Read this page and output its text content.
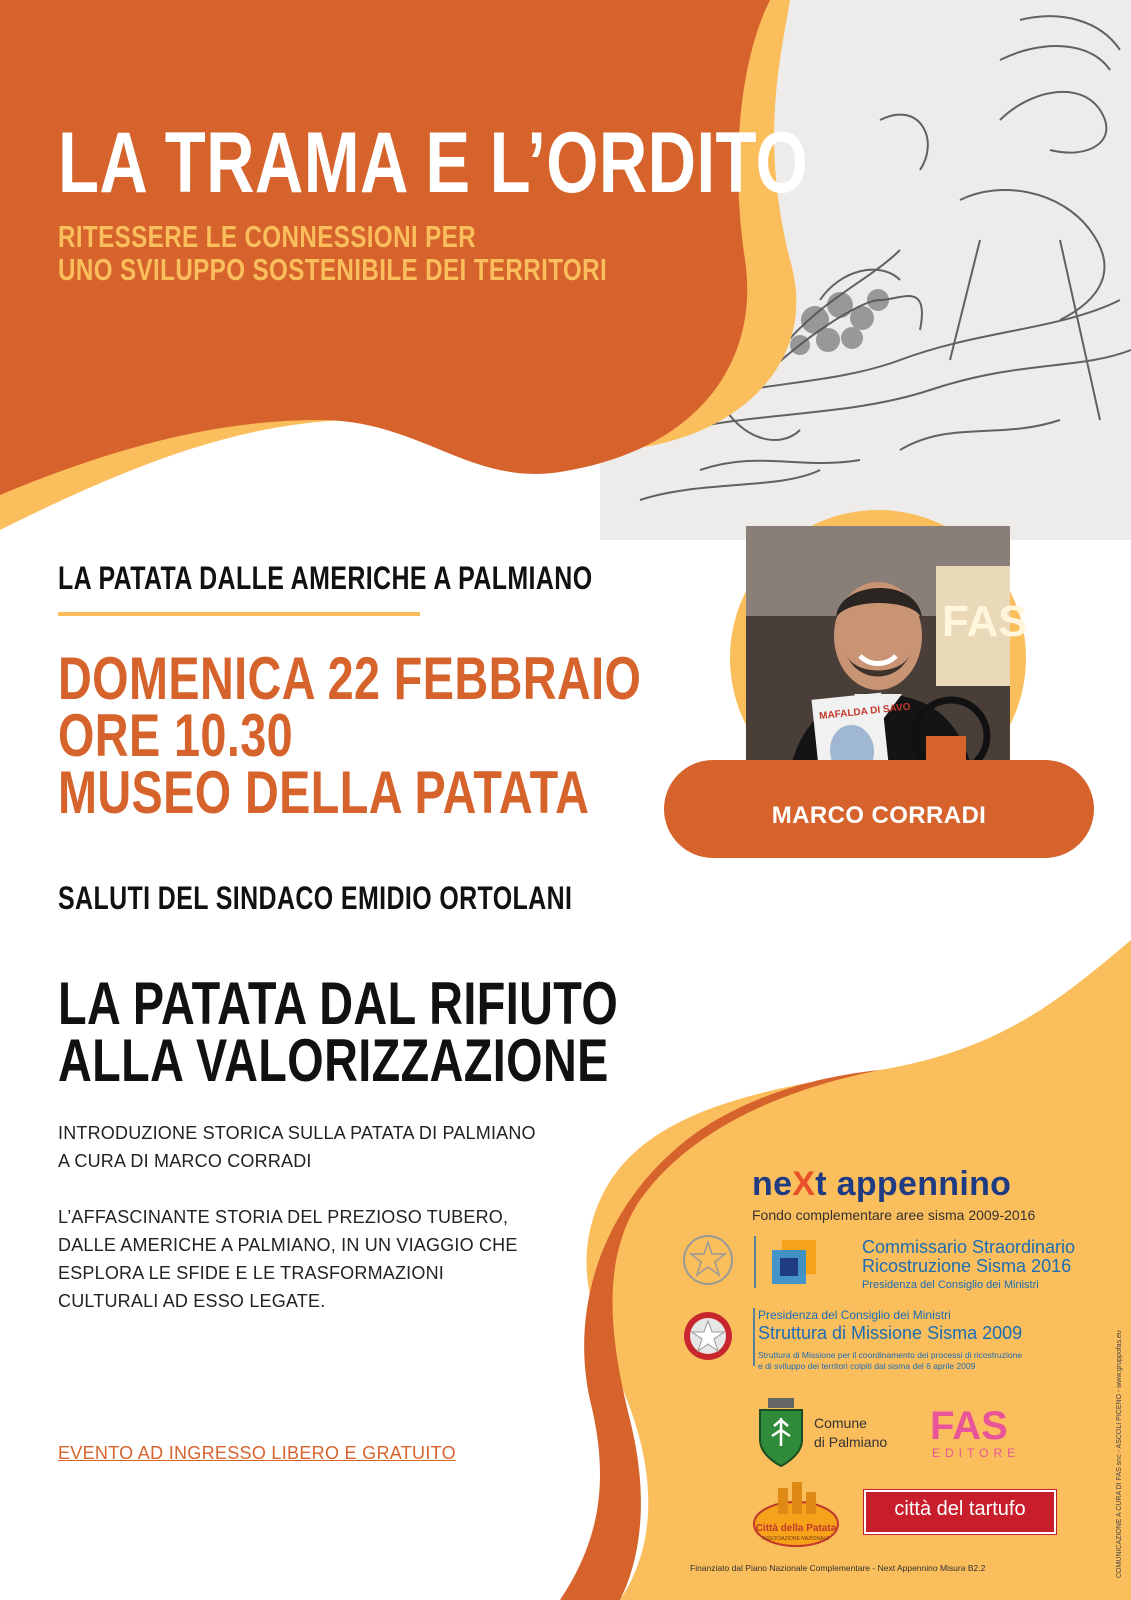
LA TRAMA E L’ORDITO
RITESSERE LE CONNESSIONI PER
UNO SVILUPPO SOSTENIBILE DEI TERRITORI
FAS
MAFALDA DI SAVO
MARCO CORRADI
LA PATATA DALLE AMERICHE A PALMIANO
DOMENICA 22 FEBBRAIO
ORE 10.30
MUSEO DELLA PATATA
SALUTI DEL SINDACO EMIDIO ORTOLANI
LA PATATA DAL RIFIUTO
ALLA VALORIZZAZIONE
INTRODUZIONE STORICA SULLA PATATA DI PALMIANO
A CURA DI MARCO CORRADI
L’AFFASCINANTE STORIA DEL PREZIOSO TUBERO,
DALLE AMERICHE A PALMIANO, IN UN VIAGGIO CHE
ESPLORA LE SFIDE E LE TRASFORMAZIONI
CULTURALI AD ESSO LEGATE.
EVENTO AD INGRESSO LIBERO E GRATUITO
neXt appennino
Fondo complementare aree sisma 2009-2016
Commissario Straordinario
Ricostruzione Sisma 2016
Presidenza del Consiglio dei Ministri
Presidenza del Consiglio dei Ministri
Struttura di Missione Sisma 2009
Struttura di Missione per il coordinamento dei processi di ricostruzione
e di sviluppo dei territori colpiti dal sisma del 6 aprile 2009
Comune
di Palmiano FAS
EDITORE
Città della Patata
ASSOCIAZIONE NAZIONALE
città del tartufo
Finanziato dal Piano Nazionale Complementare - Next Appennino Misura B2.2	COMUNICAZIONE A CURA DI FAS snc - ASCOLI PICENO - www.gruppofas.eu
